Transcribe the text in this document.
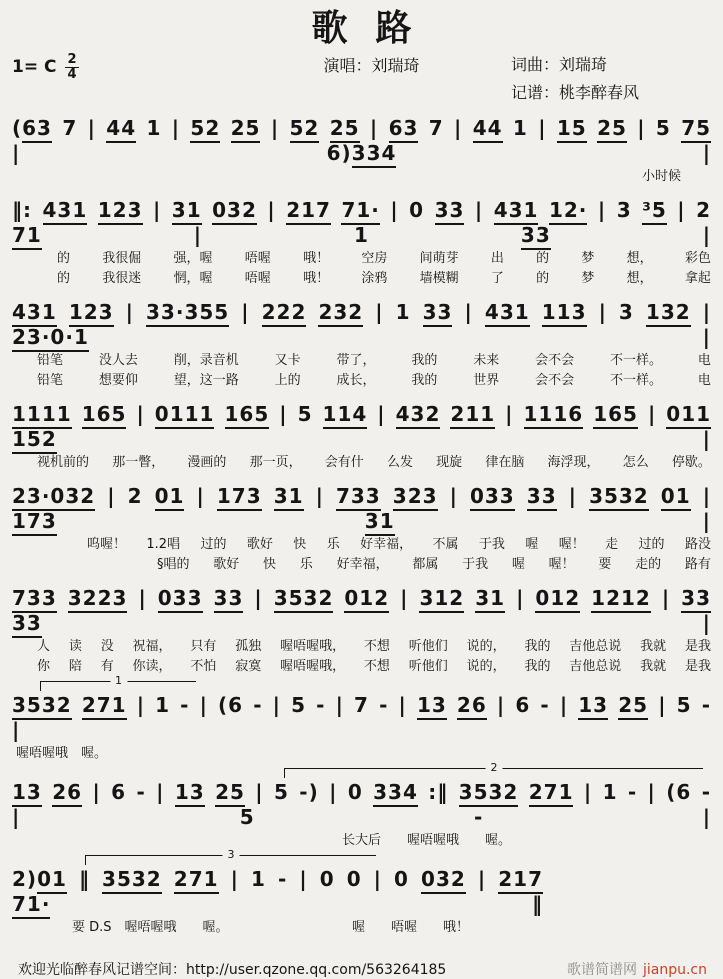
歌路
1= C $\frac{2}{4}$	演唱：刘瑞琦	词曲：刘瑞琦
记谱：桃李醉春风
(63 7 | 44 1 | 52 25 | 52 25 | 63 7 | 44 1 | 15 25 | 5 75 | 6)334 |
小时候
‖: 431 123 | 31 032 | 217 71· | 0 33 | 431 12· | 3 ³5 | 2 71 | 1 33 |
的 我很倔 强，喔 唔喔 哦！ 空房 间萌芽 出 的 梦 想， 彩色
的 我很迷 惘，喔 唔喔 哦！ 涂鸦 墙模糊 了 的 梦 想， 拿起
431 123 | 33·355 | 222 232 | 1 33 | 431 113 | 3 132 | 23·0·1 |
铅笔	没人去	削，录音机	又卡	带了，	我的	未来	会不会	不一样。	电
铅笔	想要仰	望，这一路	上的	成长，	我的	世界	会不会	不一样。	电
1111 165 | 0111 165 | 5 114 | 432 211 | 1116 165 | 011 152 |
视机前的 那一瞥， 漫画的 那一页， 会有什 么发 现旋 律在脑 海浮现， 怎么 停歇。
23·032 | 2 01 | 173 31 | 733 323 | 033 33 | 3532 01 | 173	31 |
呜喔！ 1.2唱 过的 歌好 快 乐 好幸福， 不属 于我 喔 喔！ 走 过的 路没
§唱的 歌好 快 乐 好幸福， 都属 于我 喔 喔！ 要 走的 路有
733 3223 | 033 33 | 3532 012 | 312 31 | 012 1212 | 33 33 |
人 读 没 祝福， 只有 孤独 喔唔喔哦， 不想 听他们 说的， 我的 吉他总说 我就 是我
你 陪 有 你读， 不怕 寂寞 喔唔喔哦， 不想 听他们 说的， 我的 吉他总说 我就 是我
1
3532 271 | 1 - | (6 - | 5 - | 7 - | 13 26 | 6 - | 13 25 | 5 - |
喔唔喔哦　喔。
2
13 26 | 6 - | 13 25 | 5 -) | 0 334 :‖ 3532 271 | 1 - | (6 - | 5 - |
长大后　　喔唔喔哦　　喔。
3
2)01 ‖ 3532 271 | 1 - | 0 0 | 0 032 | 217 71· ‖
要 D.S　喔唔喔哦　　喔。　　　　　　　　　　喔　　唔喔　　哦！
欢迎光临醉春风记谱空间：http://user.qzone.qq.com/563264185	歌谱简谱网 jianpu.cn
